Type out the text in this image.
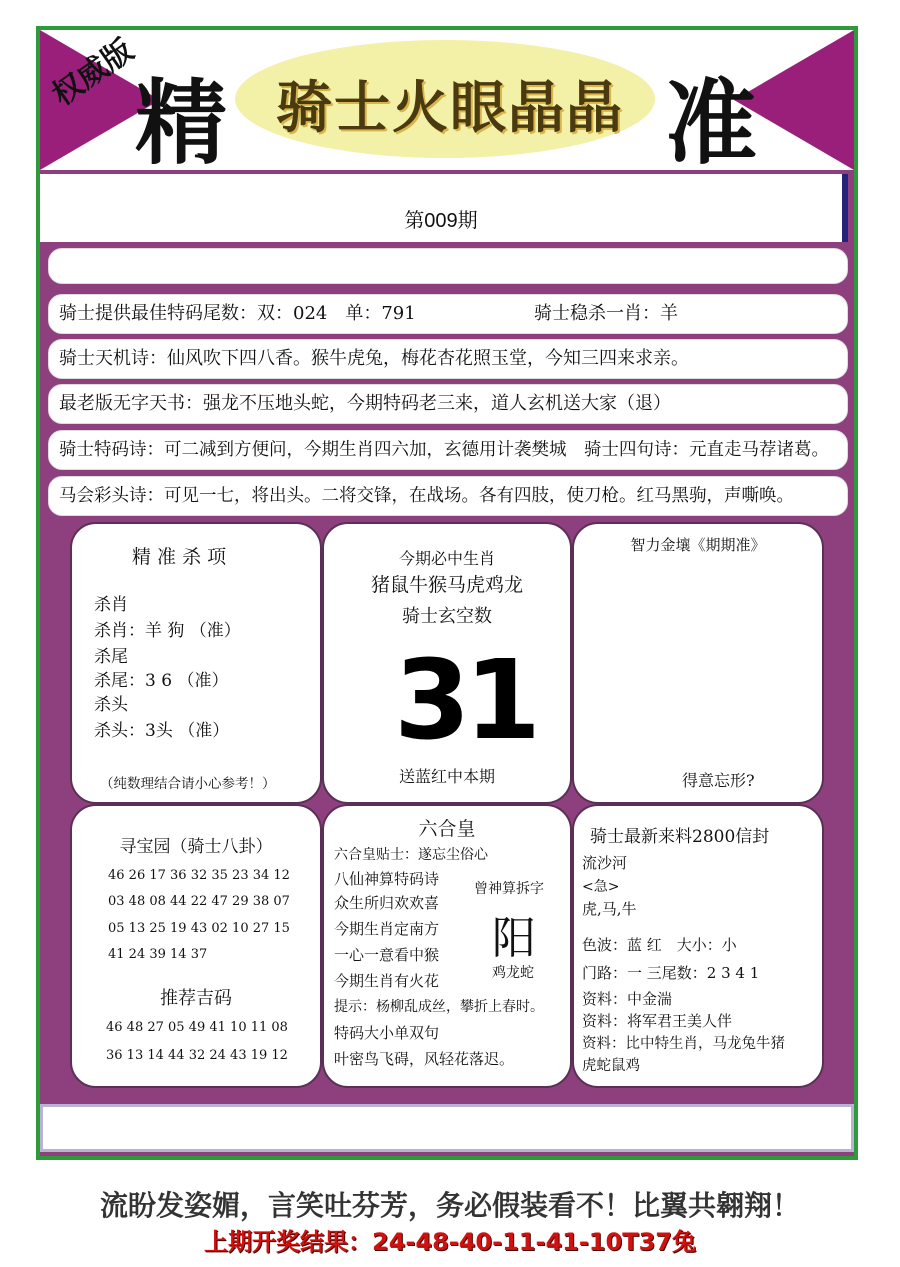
权威版
精 骑士火眼晶晶 准
第009期
骑士提供最佳特码尾数：双：024　单：791	骑士稳杀一肖：羊
骑士天机诗：仙风吹下四八香。猴牛虎兔，梅花杏花照玉堂，今知三四来求亲。
最老版无字天书：强龙不压地头蛇，今期特码老三来，道人玄机送大家（退）
骑士特码诗：可二减到方便问，今期生肖四六加，玄德用计袭樊城　骑士四句诗：元直走马荐诸葛。
马会彩头诗：可见一七，将出头。二将交锋，在战场。各有四肢，使刀枪。红马黑驹，声嘶唤。
精 准 杀 项
杀肖
杀肖：羊 狗 （准）
杀尾
杀尾：3 6 （准）
杀头
杀头：3头 （准）
（纯数理结合请小心参考！）
今期必中生肖
猪鼠牛猴马虎鸡龙
骑士玄空数
31
送蓝红中本期
智力金壤《期期准》
得意忘形?
寻宝园（骑士八卦）
46 26 17 36 32 35 23 34 12
03 48 08 44 22 47 29 38 07
05 13 25 19 43 02 10 27 15
41 24 39 14 37
推荐吉码
46 48 27 05 49 41 10 11 08
36 13 14 44 32 24 43 19 12
六合皇
六合皇贴士：遂忘尘俗心
八仙神算特码诗
众生所归欢欢喜
今期生肖定南方
一心一意看中猴
今期生肖有火花
曾神算拆字
阳
鸡龙蛇
提示：杨柳乱成丝，攀折上春时。
特码大小单双句
叶密鸟飞碍，风轻花落迟。
骑士最新来料2800信封
流沙河
<急>
虎,马,牛
色波：蓝 红　大小：小
门路：一 三尾数：2 3 4 1
资料：中金湍
资料：将军君王美人伴
资料：比中特生肖，马龙兔牛猪
虎蛇鼠鸡
流盼发姿媚，言笑吐芬芳，务必假装看不！比翼共翱翔！
上期开奖结果：24-48-40-11-41-10T37兔
